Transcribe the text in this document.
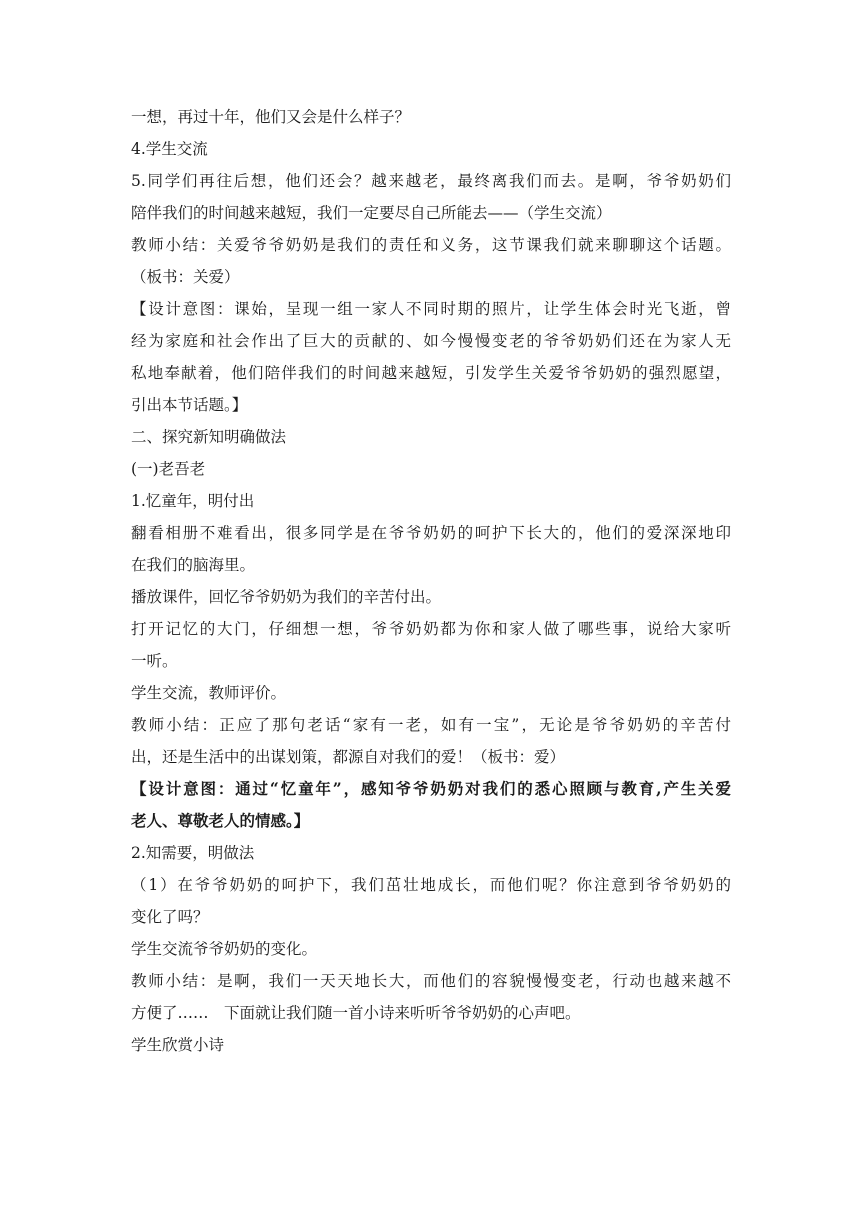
一想，再过十年，他们又会是什么样子？
4.学生交流
5.同学们再往后想，他们还会？越来越老，最终离我们而去。是啊，爷爷奶奶们
陪伴我们的时间越来越短，我们一定要尽自己所能去——（学生交流）
教师小结：关爱爷爷奶奶是我们的责任和义务，这节课我们就来聊聊这个话题。
（板书：关爱）
【设计意图：课始，呈现一组一家人不同时期的照片，让学生体会时光飞逝，曾
经为家庭和社会作出了巨大的贡献的、如今慢慢变老的爷爷奶奶们还在为家人无
私地奉献着，他们陪伴我们的时间越来越短，引发学生关爱爷爷奶奶的强烈愿望，
引出本节话题。】
二、探究新知明确做法
(一)老吾老
1.忆童年，明付出
翻看相册不难看出，很多同学是在爷爷奶奶的呵护下长大的，他们的爱深深地印
在我们的脑海里。
播放课件，回忆爷爷奶奶为我们的辛苦付出。
打开记忆的大门，仔细想一想，爷爷奶奶都为你和家人做了哪些事，说给大家听
一听。
学生交流，教师评价。
教师小结：正应了那句老话“家有一老，如有一宝”，无论是爷爷奶奶的辛苦付
出，还是生活中的出谋划策，都源自对我们的爱！（板书：爱）
【设计意图：通过“忆童年”，感知爷爷奶奶对我们的悉心照顾与教育,产生关爱
老人、尊敬老人的情感。】
2.知需要，明做法
（1）在爷爷奶奶的呵护下，我们茁壮地成长，而他们呢？你注意到爷爷奶奶的
变化了吗？
学生交流爷爷奶奶的变化。
教师小结：是啊，我们一天天地长大，而他们的容貌慢慢变老，行动也越来越不
方便了……　下面就让我们随一首小诗来听听爷爷奶奶的心声吧。
学生欣赏小诗
